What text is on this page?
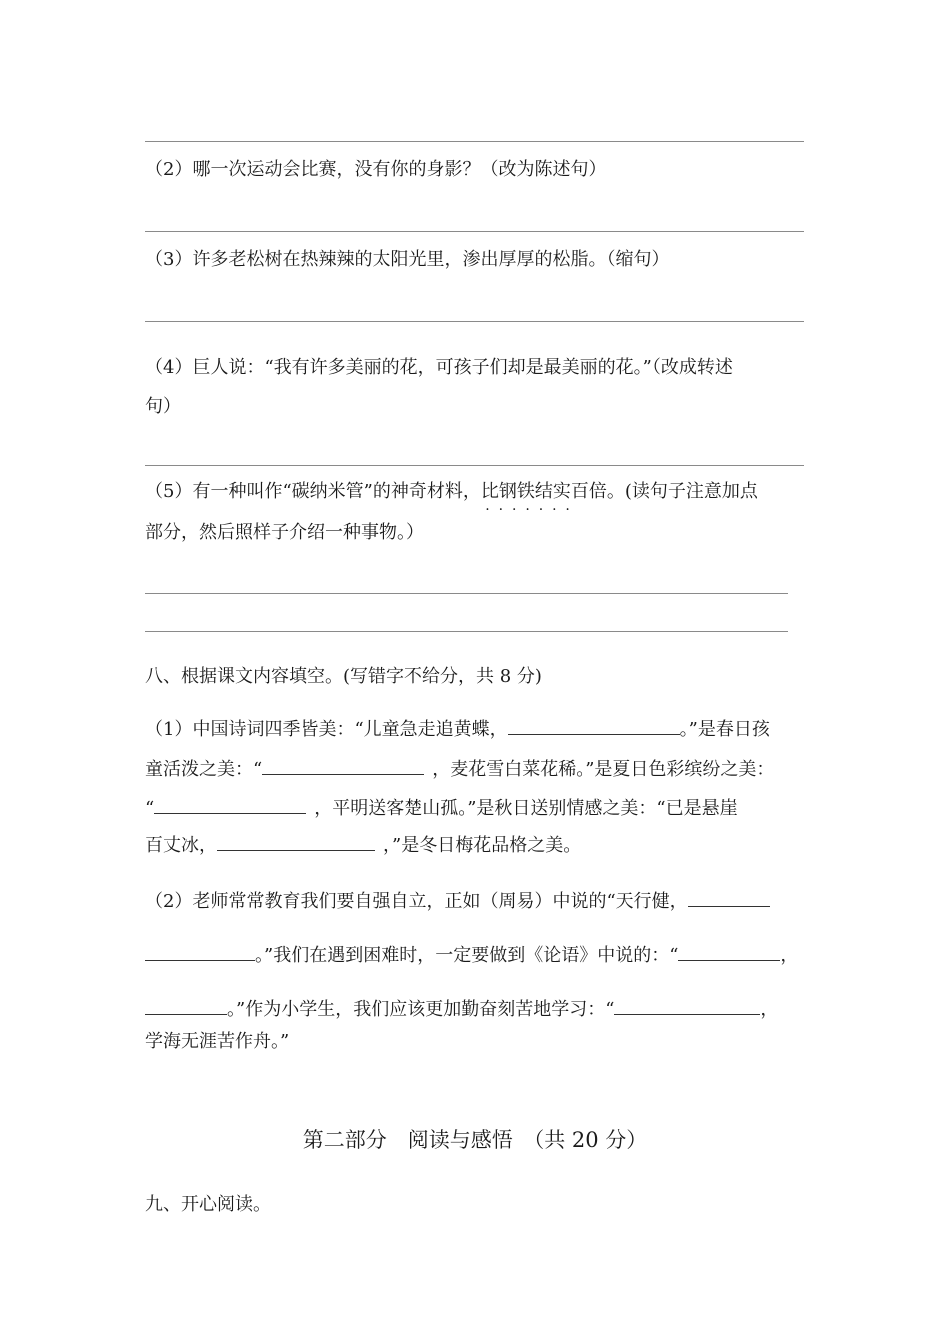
（2）哪一次运动会比赛，没有你的身影？（改为陈述句）
（3）许多老松树在热辣辣的太阳光里，渗出厚厚的松脂。（缩句）
（4）巨人说：“我有许多美丽的花，可孩子们却是最美丽的花。”（改成转述
句）
（5）有一种叫作“碳纳米管”的神奇材料，比钢铁结实百倍
·  ·  ·  ·  ·  ·  ·
。(读句子注意加点
部分，然后照样子介绍一种事物。）
八、根据课文内容填空。(写错字不给分，共 8 分)
（1）中国诗词四季皆美：“儿童急走追黄蝶，	。”是春日孩
童活泼之美：“	，麦花雪白菜花稀。”是夏日色彩缤纷之美：
“	，平明送客楚山孤。”是秋日送别情感之美：“已是悬崖
百丈冰，	，”是冬日梅花品格之美。
（2）老师常常教育我们要自强自立，正如（周易）中说的“天行健，
。”我们在遇到困难时，一定要做到《论语》中说的：“	，
。”作为小学生，我们应该更加勤奋刻苦地学习：“	，
学海无涯苦作舟。”
第二部分　阅读与感悟　（共 20 分）
九、开心阅读。
